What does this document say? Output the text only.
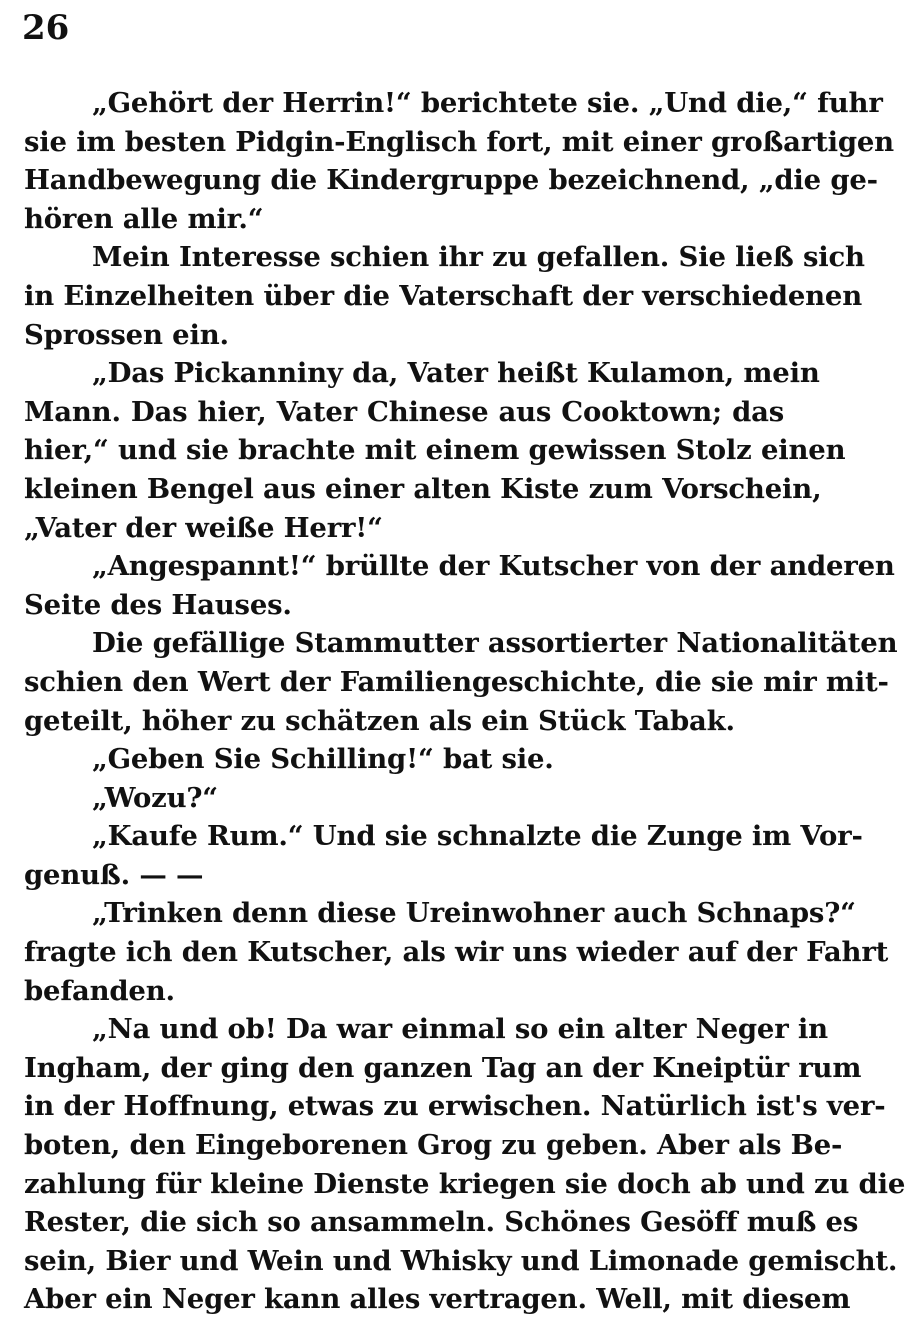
26
„Gehört der Herrin!“ berichtete sie. „Und die,“ fuhr
sie im besten Pidgin-Englisch fort, mit einer großartigen
Handbewegung die Kindergruppe bezeichnend, „die ge-
hören alle mir.“
Mein Interesse schien ihr zu gefallen. Sie ließ sich
in Einzelheiten über die Vaterschaft der verschiedenen
Sprossen ein.
„Das Pickanniny da, Vater heißt Kulamon, mein
Mann. Das hier, Vater Chinese aus Cooktown; das
hier,“ und sie brachte mit einem gewissen Stolz einen
kleinen Bengel aus einer alten Kiste zum Vorschein,
„Vater der weiße Herr!“
„Angespannt!“ brüllte der Kutscher von der anderen
Seite des Hauses.
Die gefällige Stammutter assortierter Nationalitäten
schien den Wert der Familiengeschichte, die sie mir mit-
geteilt, höher zu schätzen als ein Stück Tabak.
„Geben Sie Schilling!“ bat sie.
„Wozu?“
„Kaufe Rum.“ Und sie schnalzte die Zunge im Vor-
genuß. — —
„Trinken denn diese Ureinwohner auch Schnaps?“
fragte ich den Kutscher, als wir uns wieder auf der Fahrt
befanden.
„Na und ob! Da war einmal so ein alter Neger in
Ingham, der ging den ganzen Tag an der Kneiptür rum
in der Hoffnung, etwas zu erwischen. Natürlich ist's ver-
boten, den Eingeborenen Grog zu geben. Aber als Be-
zahlung für kleine Dienste kriegen sie doch ab und zu die
Rester, die sich so ansammeln. Schönes Gesöff muß es
sein, Bier und Wein und Whisky und Limonade gemischt.
Aber ein Neger kann alles vertragen. Well, mit diesem
